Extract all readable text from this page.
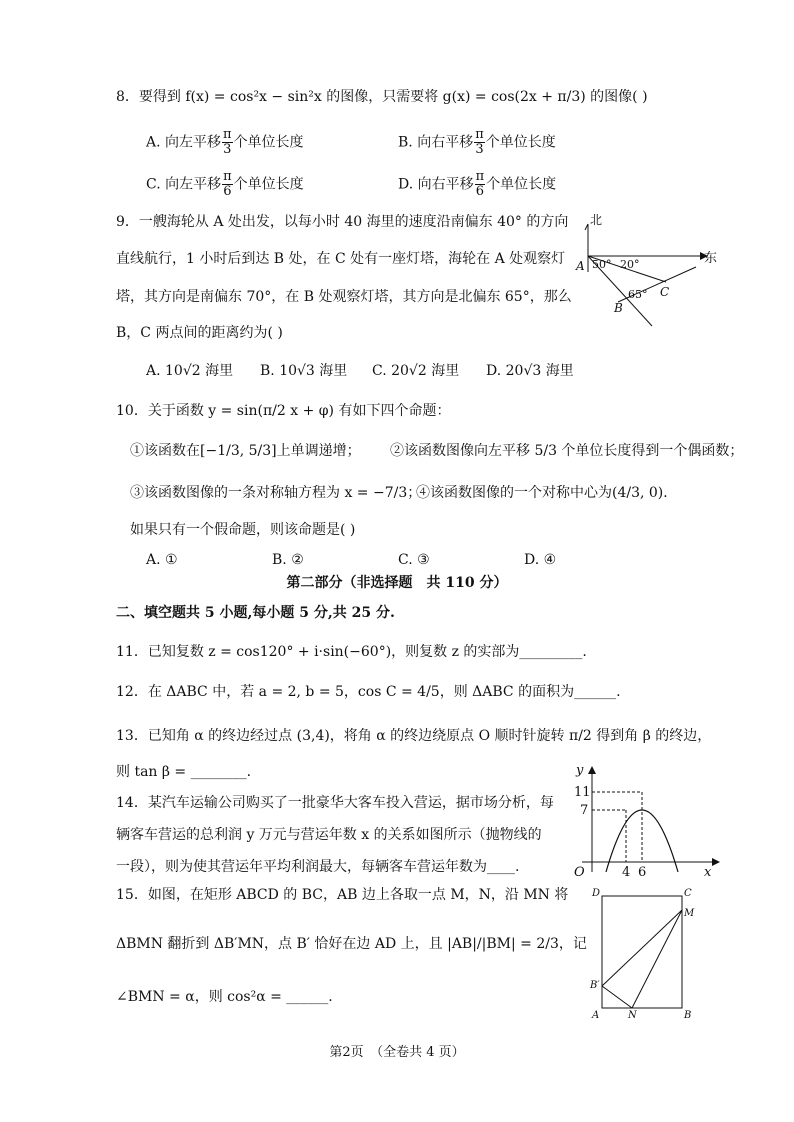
8．要得到 f(x) = cos²x − sin²x 的图像，只需要将 g(x) = cos(2x + π/3) 的图像( )
A. 向左平移 $\frac{\pi}{3}$ 个单位长度	B. 向右平移 $\frac{\pi}{3}$ 个单位长度
C. 向左平移 $\frac{\pi}{6}$ 个单位长度	D. 向右平移 $\frac{\pi}{6}$ 个单位长度
9．一艘海轮从 A 处出发，以每小时 40 海里的速度沿南偏东 40° 的方向
直线航行，1 小时后到达 B 处，在 C 处有一座灯塔，海轮在 A 处观察灯
塔，其方向是南偏东 70°，在 B 处观察灯塔，其方向是北偏东 65°，那么
B，C 两点间的距离约为( )
A. 10√2 海里 B. 10√3 海里 C. 20√2 海里 D. 20√3 海里
北
东
A 50° 20°
65° C
B
10．关于函数 y = sin(π/2 x + φ) 有如下四个命题：
①该函数在[−1/3, 5/3]上单调递增； ②该函数图像向左平移 5/3 个单位长度得到一个偶函数；
③该函数图像的一条对称轴方程为 x = −7/3；
④该函数图像的一个对称中心为(4/3, 0)．
如果只有一个假命题，则该命题是( )
A. ①	B. ②	C. ③	D. ④
第二部分（非选择题　共 110 分）
二、填空题共 5 小题,每小题 5 分,共 25 分.
11．已知复数 z = cos120° + i·sin(−60°)，则复数 z 的实部为_________.
12．在 ΔABC 中，若 a = 2, b = 5，cos C = 4/5，则 ΔABC 的面积为______.
13．已知角 α 的终边经过点 (3,4)，将角 α 的终边绕原点 O 顺时针旋转 π/2 得到角 β 的终边，
则 tan β = ________.
14．某汽车运输公司购买了一批豪华大客车投入营运，据市场分析，每
辆客车营运的总利润 y 万元与营运年数 x 的关系如图所示（抛物线的
一段），则为使其营运年平均利润最大，每辆客车营运年数为____.
y
x
O
11
7
4 6
15．如图，在矩形 ABCD 的 BC，AB 边上各取一点 M，N，沿 MN 将
ΔBMN 翻折到 ΔB′MN，点 B′ 恰好在边 AD 上，且 |AB|/|BM| = 2/3，记
∠BMN = α，则 cos²α = ______.
D	C
M
B′
A	N	B
第2页　（全卷共 4 页）
